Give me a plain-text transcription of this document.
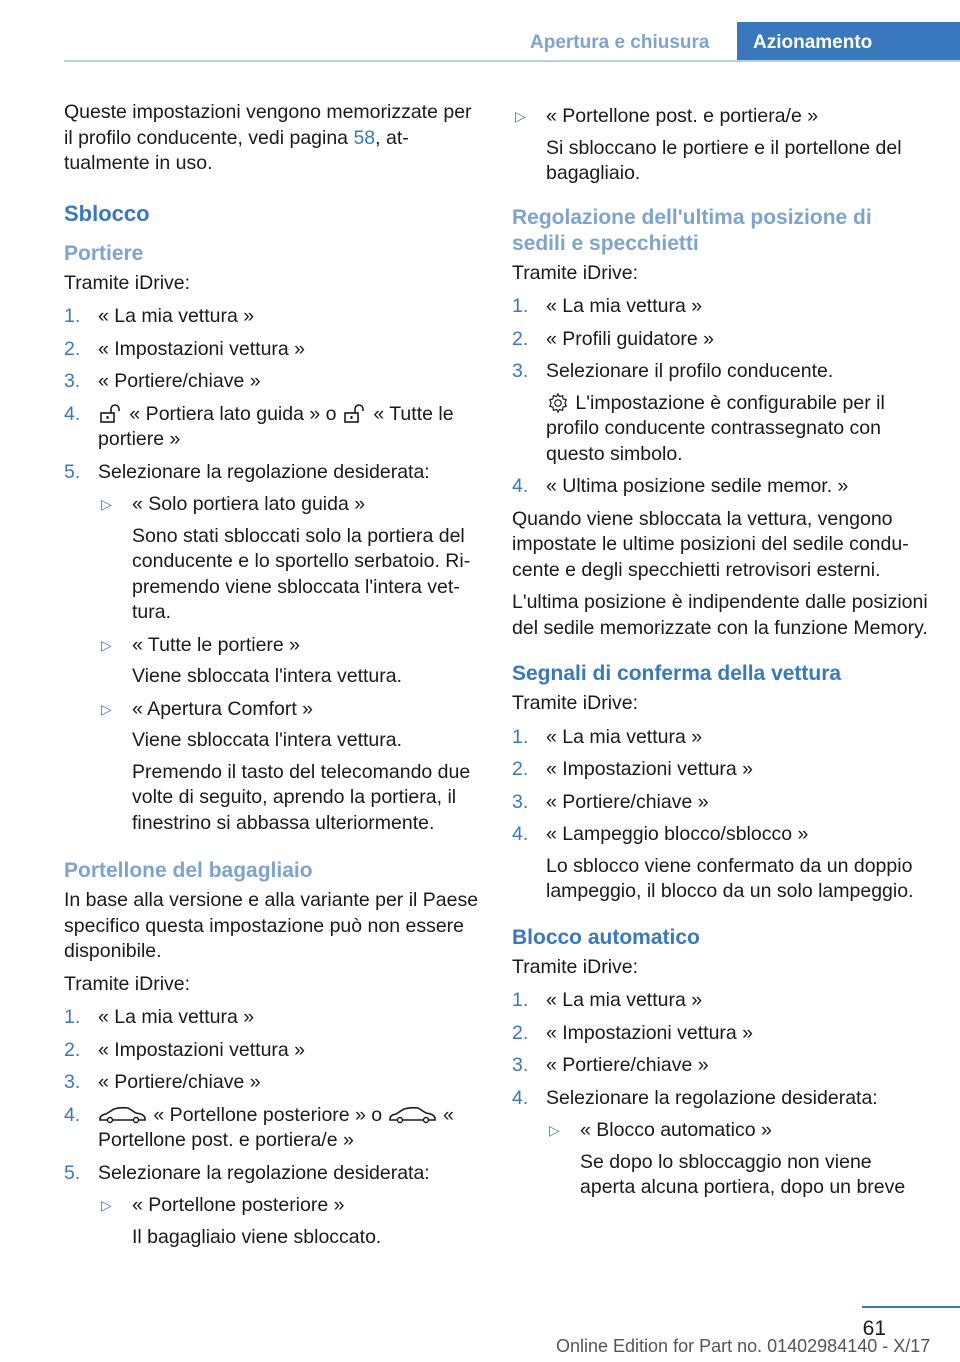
Apertura e chiusura	Azionamento

Queste impostazioni vengono memorizzate per il profilo conducente, vedi pagina 58, attualmente in uso.

Sblocco
Portiere

Tramite iDrive:

1. « La mia vettura »
2. « Impostazioni vettura »
3. « Portiere/chiave »
4.	« Portiera lato guida » o « Tutte le portiere »
5. Selezionare la regolazione desiderata:
▷ « Solo portiera lato guida »
Sono stati sbloccati solo la portiera del conducente e lo sportello serbatoio. Ripremendo viene sbloccata l'intera vettura.
▷ « Tutte le portiere »
Viene sbloccata l'intera vettura.
▷ « Apertura Comfort »
Viene sbloccata l'intera vettura.
Premendo il tasto del telecomando due volte di seguito, aprendo la portiera, il finestrino si abbassa ulteriormente.
Portellone del bagagliaio

In base alla versione e alla variante per il Paese specifico questa impostazione può non essere disponibile.

Tramite iDrive:

1. « La mia vettura »
2. « Impostazioni vettura »
3. « Portiere/chiave »
4.	« Portellone posteriore » o	« Portellone post. e portiera/e »
5. Selezionare la regolazione desiderata:
▷ « Portellone posteriore »
Il bagagliaio viene sbloccato.
▷ « Portellone post. e portiera/e »
Si sbloccano le portiere e il portellone del bagagliaio.
Regolazione dell'ultima posizione di sedili e specchietti

Tramite iDrive:

1. « La mia vettura »
2. « Profili guidatore »
3. Selezionare il profilo conducente.
L'impostazione è configurabile per il profilo conducente contrassegnato con questo simbolo.
4. « Ultima posizione sedile memor. »

Quando viene sbloccata la vettura, vengono impostate le ultime posizioni del sedile conducente e degli specchietti retrovisori esterni.

L'ultima posizione è indipendente dalle posizioni del sedile memorizzate con la funzione Memory.

Segnali di conferma della vettura

Tramite iDrive:

1. « La mia vettura »
2. « Impostazioni vettura »
3. « Portiere/chiave »
4. « Lampeggio blocco/sblocco »
Lo sblocco viene confermato da un doppio lampeggio, il blocco da un solo lampeggio.
Blocco automatico

Tramite iDrive:

1. « La mia vettura »
2. « Impostazioni vettura »
3. « Portiere/chiave »
4. Selezionare la regolazione desiderata:
▷ « Blocco automatico »
Se dopo lo sbloccaggio non viene aperta alcuna portiera, dopo un breve
61
Online Edition for Part no. 01402984140 - X/17
